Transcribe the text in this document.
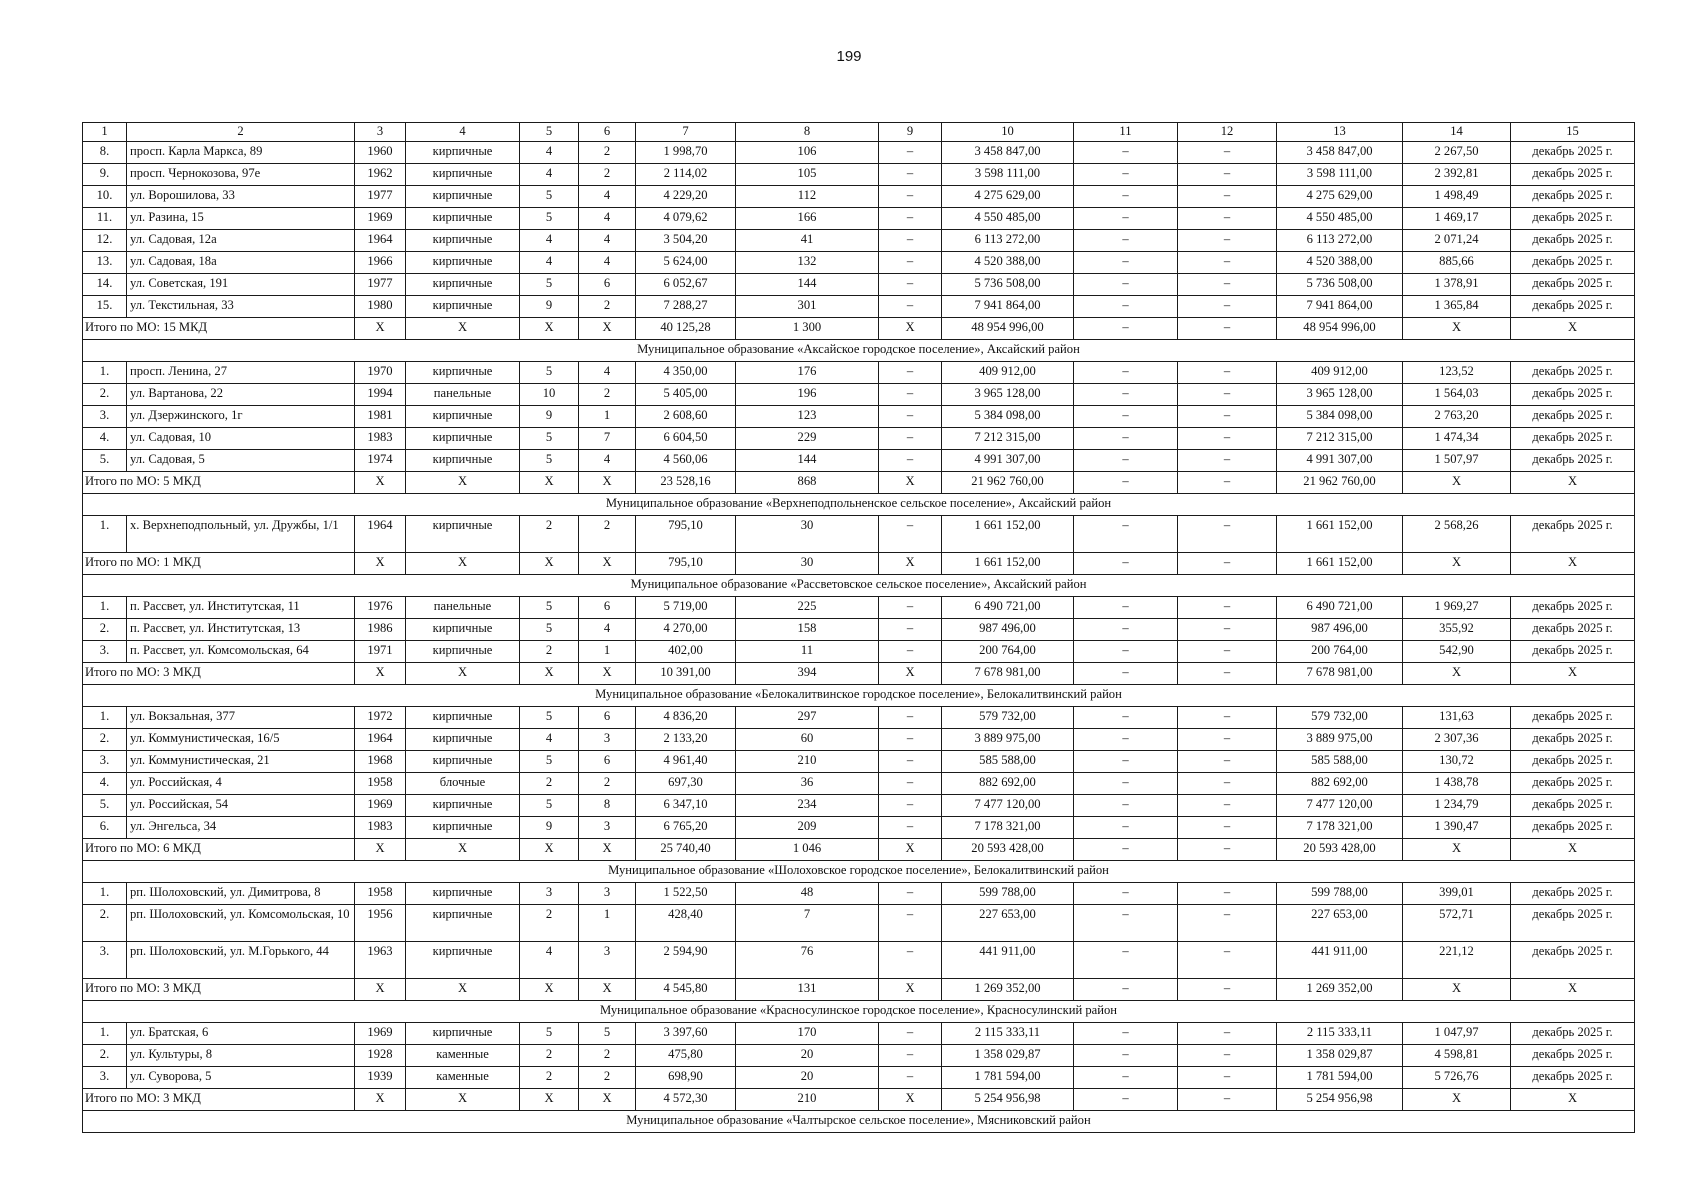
199
1	2	3	4	5	6	7	8	9	10	11	12	13	14	15
8.	просп. Карла Маркса, 89	1960	кирпичные	4	2	1 998,70	106	–	3 458 847,00	–	–	3 458 847,00	2 267,50	декабрь 2025 г.
9.	просп. Чернокозова, 97е	1962	кирпичные	4	2	2 114,02	105	–	3 598 111,00	–	–	3 598 111,00	2 392,81	декабрь 2025 г.
10.	ул. Ворошилова, 33	1977	кирпичные	5	4	4 229,20	112	–	4 275 629,00	–	–	4 275 629,00	1 498,49	декабрь 2025 г.
11.	ул. Разина, 15	1969	кирпичные	5	4	4 079,62	166	–	4 550 485,00	–	–	4 550 485,00	1 469,17	декабрь 2025 г.
12.	ул. Садовая, 12а	1964	кирпичные	4	4	3 504,20	41	–	6 113 272,00	–	–	6 113 272,00	2 071,24	декабрь 2025 г.
13.	ул. Садовая, 18а	1966	кирпичные	4	4	5 624,00	132	–	4 520 388,00	–	–	4 520 388,00	885,66	декабрь 2025 г.
14.	ул. Советская, 191	1977	кирпичные	5	6	6 052,67	144	–	5 736 508,00	–	–	5 736 508,00	1 378,91	декабрь 2025 г.
15.	ул. Текстильная, 33	1980	кирпичные	9	2	7 288,27	301	–	7 941 864,00	–	–	7 941 864,00	1 365,84	декабрь 2025 г.
Итого по МО: 15 МКД		X	X	X	X	40 125,28	1 300	X	48 954 996,00	–	–	48 954 996,00	X	X
Муниципальное образование «Аксайское городское поселение», Аксайский район														
1.	просп. Ленина, 27	1970	кирпичные	5	4	4 350,00	176	–	409 912,00	–	–	409 912,00	123,52	декабрь 2025 г.
2.	ул. Вартанова, 22	1994	панельные	10	2	5 405,00	196	–	3 965 128,00	–	–	3 965 128,00	1 564,03	декабрь 2025 г.
3.	ул. Дзержинского, 1г	1981	кирпичные	9	1	2 608,60	123	–	5 384 098,00	–	–	5 384 098,00	2 763,20	декабрь 2025 г.
4.	ул. Садовая, 10	1983	кирпичные	5	7	6 604,50	229	–	7 212 315,00	–	–	7 212 315,00	1 474,34	декабрь 2025 г.
5.	ул. Садовая, 5	1974	кирпичные	5	4	4 560,06	144	–	4 991 307,00	–	–	4 991 307,00	1 507,97	декабрь 2025 г.
Итого по МО: 5 МКД		X	X	X	X	23 528,16	868	X	21 962 760,00	–	–	21 962 760,00	X	X
Муниципальное образование «Верхнеподпольненское сельское поселение», Аксайский район														
1.	х. Верхнеподпольный, ул. Дружбы, 1/1	1964	кирпичные	2	2	795,10	30	–	1 661 152,00	–	–	1 661 152,00	2 568,26	декабрь 2025 г.
Итого по МО: 1 МКД		X	X	X	X	795,10	30	X	1 661 152,00	–	–	1 661 152,00	X	X
Муниципальное образование «Рассветовское сельское поселение», Аксайский район														
1.	п. Рассвет, ул. Институтская, 11	1976	панельные	5	6	5 719,00	225	–	6 490 721,00	–	–	6 490 721,00	1 969,27	декабрь 2025 г.
2.	п. Рассвет, ул. Институтская, 13	1986	кирпичные	5	4	4 270,00	158	–	987 496,00	–	–	987 496,00	355,92	декабрь 2025 г.
3.	п. Рассвет, ул. Комсомольская, 64	1971	кирпичные	2	1	402,00	11	–	200 764,00	–	–	200 764,00	542,90	декабрь 2025 г.
Итого по МО: 3 МКД		X	X	X	X	10 391,00	394	X	7 678 981,00	–	–	7 678 981,00	X	X
Муниципальное образование «Белокалитвинское городское поселение», Белокалитвинский район														
1.	ул. Вокзальная, 377	1972	кирпичные	5	6	4 836,20	297	–	579 732,00	–	–	579 732,00	131,63	декабрь 2025 г.
2.	ул. Коммунистическая, 16/5	1964	кирпичные	4	3	2 133,20	60	–	3 889 975,00	–	–	3 889 975,00	2 307,36	декабрь 2025 г.
3.	ул. Коммунистическая, 21	1968	кирпичные	5	6	4 961,40	210	–	585 588,00	–	–	585 588,00	130,72	декабрь 2025 г.
4.	ул. Российская, 4	1958	блочные	2	2	697,30	36	–	882 692,00	–	–	882 692,00	1 438,78	декабрь 2025 г.
5.	ул. Российская, 54	1969	кирпичные	5	8	6 347,10	234	–	7 477 120,00	–	–	7 477 120,00	1 234,79	декабрь 2025 г.
6.	ул. Энгельса, 34	1983	кирпичные	9	3	6 765,20	209	–	7 178 321,00	–	–	7 178 321,00	1 390,47	декабрь 2025 г.
Итого по МО: 6 МКД		X	X	X	X	25 740,40	1 046	X	20 593 428,00	–	–	20 593 428,00	X	X
Муниципальное образование «Шолоховское городское поселение», Белокалитвинский район														
1.	рп. Шолоховский, ул. Димитрова, 8	1958	кирпичные	3	3	1 522,50	48	–	599 788,00	–	–	599 788,00	399,01	декабрь 2025 г.
2.	рп. Шолоховский, ул. Комсомольская, 10	1956	кирпичные	2	1	428,40	7	–	227 653,00	–	–	227 653,00	572,71	декабрь 2025 г.
3.	рп. Шолоховский, ул. М.Горького, 44	1963	кирпичные	4	3	2 594,90	76	–	441 911,00	–	–	441 911,00	221,12	декабрь 2025 г.
Итого по МО: 3 МКД		X	X	X	X	4 545,80	131	X	1 269 352,00	–	–	1 269 352,00	X	X
Муниципальное образование «Красносулинское городское поселение», Красносулинский район														
1.	ул. Братская, 6	1969	кирпичные	5	5	3 397,60	170	–	2 115 333,11	–	–	2 115 333,11	1 047,97	декабрь 2025 г.
2.	ул. Культуры, 8	1928	каменные	2	2	475,80	20	–	1 358 029,87	–	–	1 358 029,87	4 598,81	декабрь 2025 г.
3.	ул. Суворова, 5	1939	каменные	2	2	698,90	20	–	1 781 594,00	–	–	1 781 594,00	5 726,76	декабрь 2025 г.
Итого по МО: 3 МКД		X	X	X	X	4 572,30	210	X	5 254 956,98	–	–	5 254 956,98	X	X
Муниципальное образование «Чалтырское сельское поселение», Мясниковский район														
